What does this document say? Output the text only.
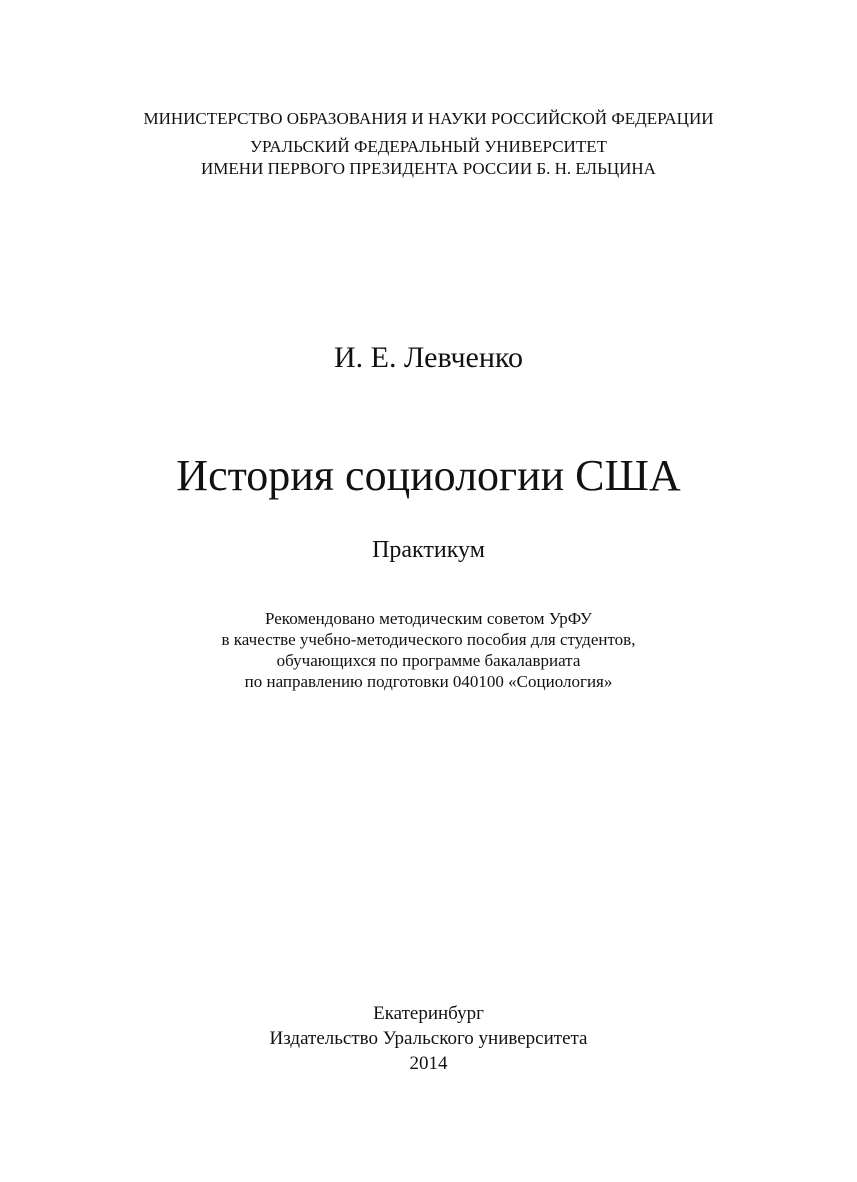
МИНИСТЕРСТВО ОБРАЗОВАНИЯ И НАУКИ РОССИЙСКОЙ ФЕДЕРАЦИИ
УРАЛЬСКИЙ ФЕДЕРАЛЬНЫЙ УНИВЕРСИТЕТ
ИМЕНИ ПЕРВОГО ПРЕЗИДЕНТА РОССИИ Б. Н. ЕЛЬЦИНА
И. Е. Левченко
История социологии США
Практикум
Рекомендовано методическим советом УрФУ
в качестве учебно-методического пособия для студентов,
обучающихся по программе бакалавриата
по направлению подготовки 040100 «Социология»
Екатеринбург
Издательство Уральского университета
2014
